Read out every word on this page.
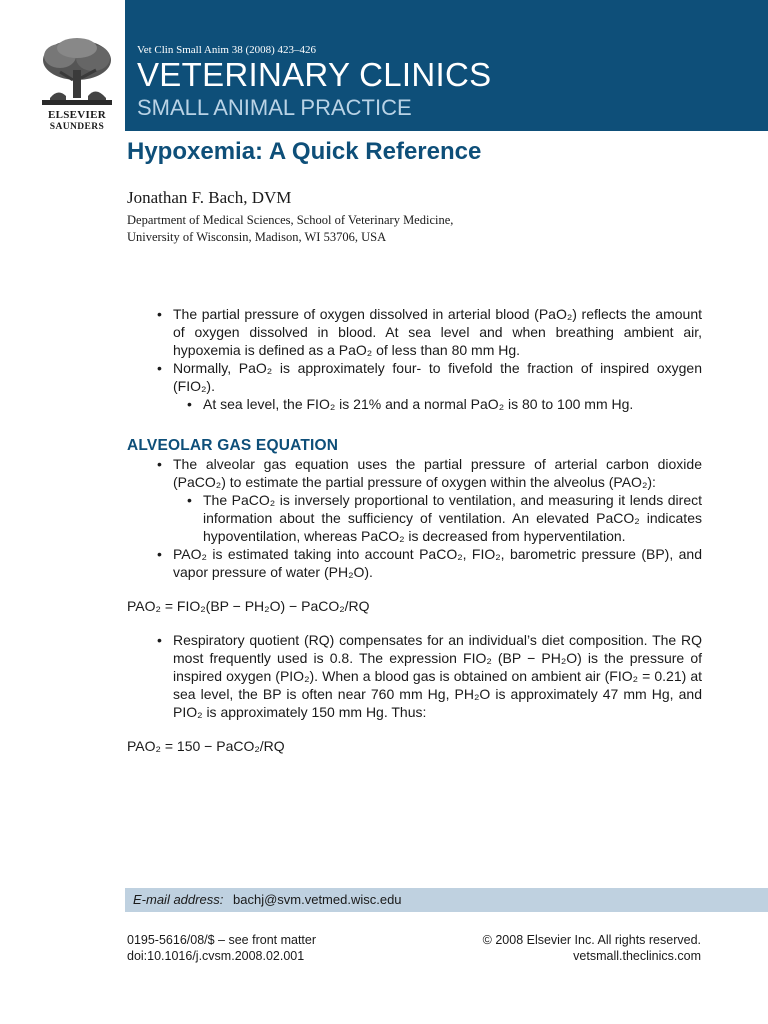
ELSEVIER
SAUNDERS
Vet Clin Small Anim 38 (2008) 423–426
VETERINARY CLINICS
SMALL ANIMAL PRACTICE
Hypoxemia: A Quick Reference
Jonathan F. Bach, DVM
Department of Medical Sciences, School of Veterinary Medicine,
University of Wisconsin, Madison, WI 53706, USA
• The partial pressure of oxygen dissolved in arterial blood (PaO₂) reflects the amount of oxygen dissolved in blood. At sea level and when breathing ambient air, hypoxemia is defined as a PaO₂ of less than 80 mm Hg.
• Normally, PaO₂ is approximately four- to fivefold the fraction of inspired oxygen (FIO₂).
• At sea level, the FIO₂ is 21% and a normal PaO₂ is 80 to 100 mm Hg.
ALVEOLAR GAS EQUATION
• The alveolar gas equation uses the partial pressure of arterial carbon dioxide (PaCO₂) to estimate the partial pressure of oxygen within the alveolus (PAO₂):
• The PaCO₂ is inversely proportional to ventilation, and measuring it lends direct information about the sufficiency of ventilation. An elevated PaCO₂ indicates hypoventilation, whereas PaCO₂ is decreased from hyperventilation.
• PAO₂ is estimated taking into account PaCO₂, FIO₂, barometric pressure (BP), and vapor pressure of water (PH₂O).

PAO₂ = FIO₂(BP − PH₂O) − PaCO₂/RQ

• Respiratory quotient (RQ) compensates for an individual’s diet composition. The RQ most frequently used is 0.8. The expression FIO₂ (BP − PH₂O) is the pressure of inspired oxygen (PIO₂). When a blood gas is obtained on ambient air (FIO₂ = 0.21) at sea level, the BP is often near 760 mm Hg, PH₂O is approximately 47 mm Hg, and PIO₂ is approximately 150 mm Hg. Thus:

PAO₂ = 150 − PaCO₂/RQ

E-mail address: bachj@svm.vetmed.wisc.edu
0195-5616/08/$ – see front matter
doi:10.1016/j.cvsm.2008.02.001
© 2008 Elsevier Inc. All rights reserved.
vetsmall.theclinics.com
